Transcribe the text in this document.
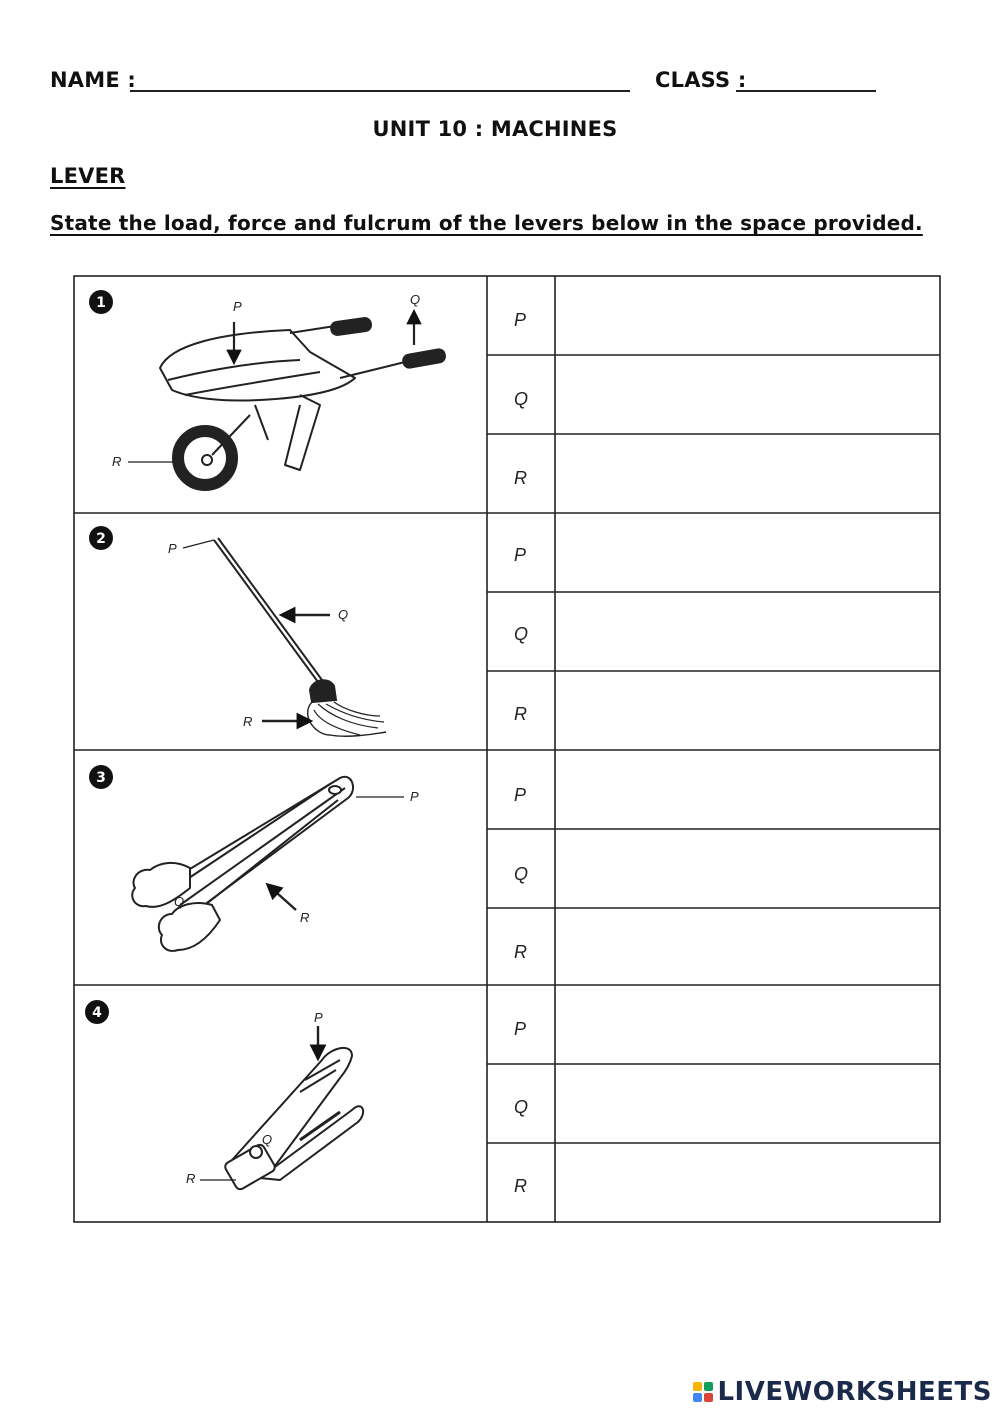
NAME :	CLASS :
UNIT 10 : MACHINES
LEVER
State the load, force and fulcrum of the levers below in the space provided.
P
Q
R
P
Q
R
P
Q
R
P
Q
R
1
2
3
4
P	Q
R
P
Q
R
P
Q
R
P
Q
R
LIVEWORKSHEETS
